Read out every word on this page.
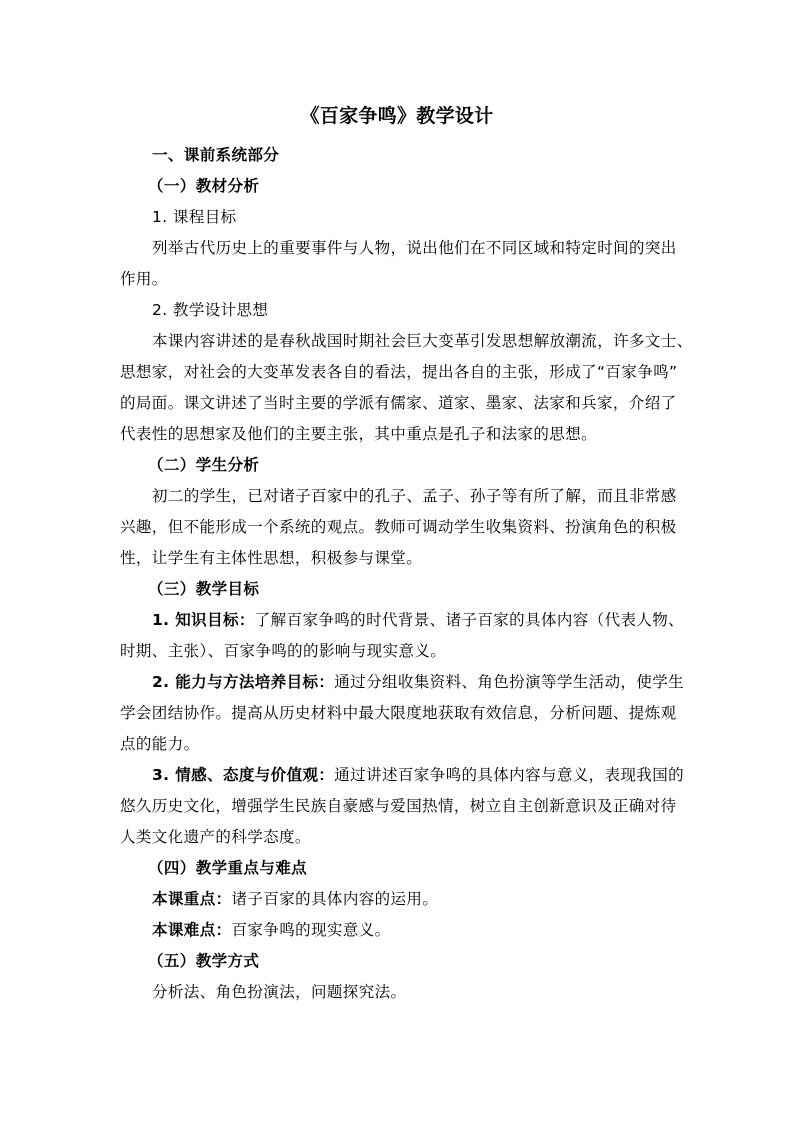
《百家争鸣》教学设计
一、课前系统部分
（一）教材分析
1. 课程目标
列举古代历史上的重要事件与人物，说出他们在不同区域和特定时间的突出
作用。
2. 教学设计思想
本课内容讲述的是春秋战国时期社会巨大变革引发思想解放潮流，许多文士、
思想家，对社会的大变革发表各自的看法，提出各自的主张，形成了“百家争鸣”
的局面。课文讲述了当时主要的学派有儒家、道家、墨家、法家和兵家，介绍了
代表性的思想家及他们的主要主张，其中重点是孔子和法家的思想。
（二）学生分析
初二的学生，已对诸子百家中的孔子、孟子、孙子等有所了解，而且非常感
兴趣，但不能形成一个系统的观点。教师可调动学生收集资料、扮演角色的积极
性，让学生有主体性思想，积极参与课堂。
（三）教学目标
1. 知识目标：了解百家争鸣的时代背景、诸子百家的具体内容（代表人物、
时期、主张）、百家争鸣的的影响与现实意义。
2. 能力与方法培养目标：通过分组收集资料、角色扮演等学生活动，使学生
学会团结协作。提高从历史材料中最大限度地获取有效信息，分析问题、提炼观
点的能力。
3. 情感、态度与价值观：通过讲述百家争鸣的具体内容与意义，表现我国的
悠久历史文化，增强学生民族自豪感与爱国热情，树立自主创新意识及正确对待
人类文化遗产的科学态度。
（四）教学重点与难点
本课重点：诸子百家的具体内容的运用。
本课难点：百家争鸣的现实意义。
（五）教学方式
分析法、角色扮演法，问题探究法。
